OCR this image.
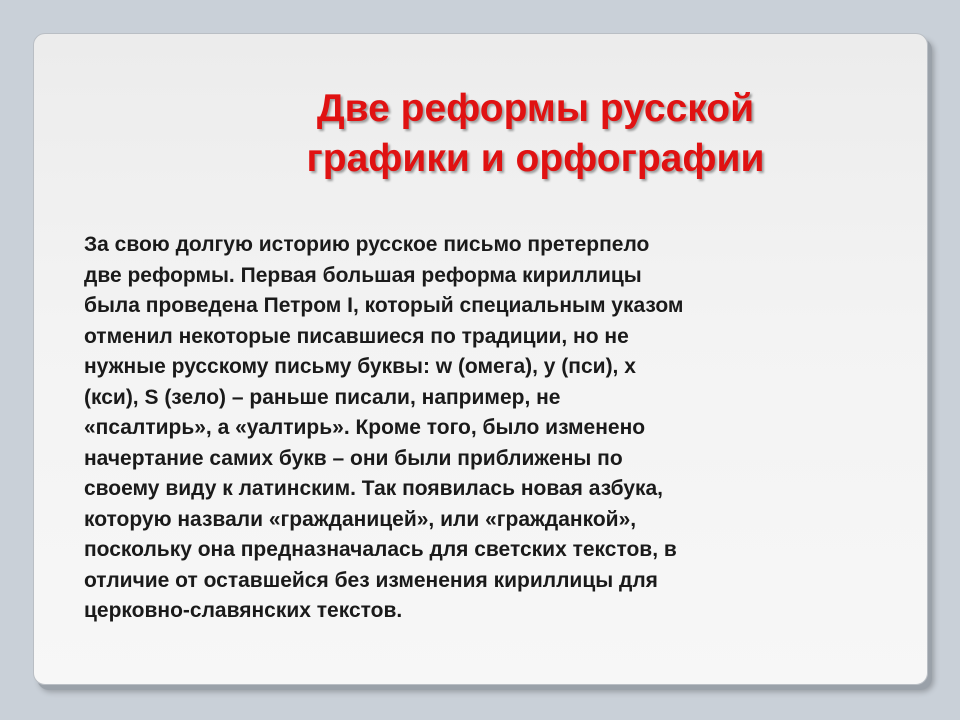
Две реформы русской
графики и орфографии
За свою долгую историю русское письмо претерпело
две реформы. Первая большая реформа кириллицы
была проведена Петром I, который специальным указом
отменил некоторые писавшиеся по традиции, но не
нужные русскому письму буквы: w (омега), у (пси), х
(кси), S (зело) – раньше писали, например, не
«псалтирь», а «уалтирь». Кроме того, было изменено
начертание самих букв – они были приближены по
своему виду к латинским. Так появилась новая азбука,
которую назвали «гражданицей», или «гражданкой»,
поскольку она предназначалась для светских текстов, в
отличие от оставшейся без изменения кириллицы для
церковно-славянских текстов.
